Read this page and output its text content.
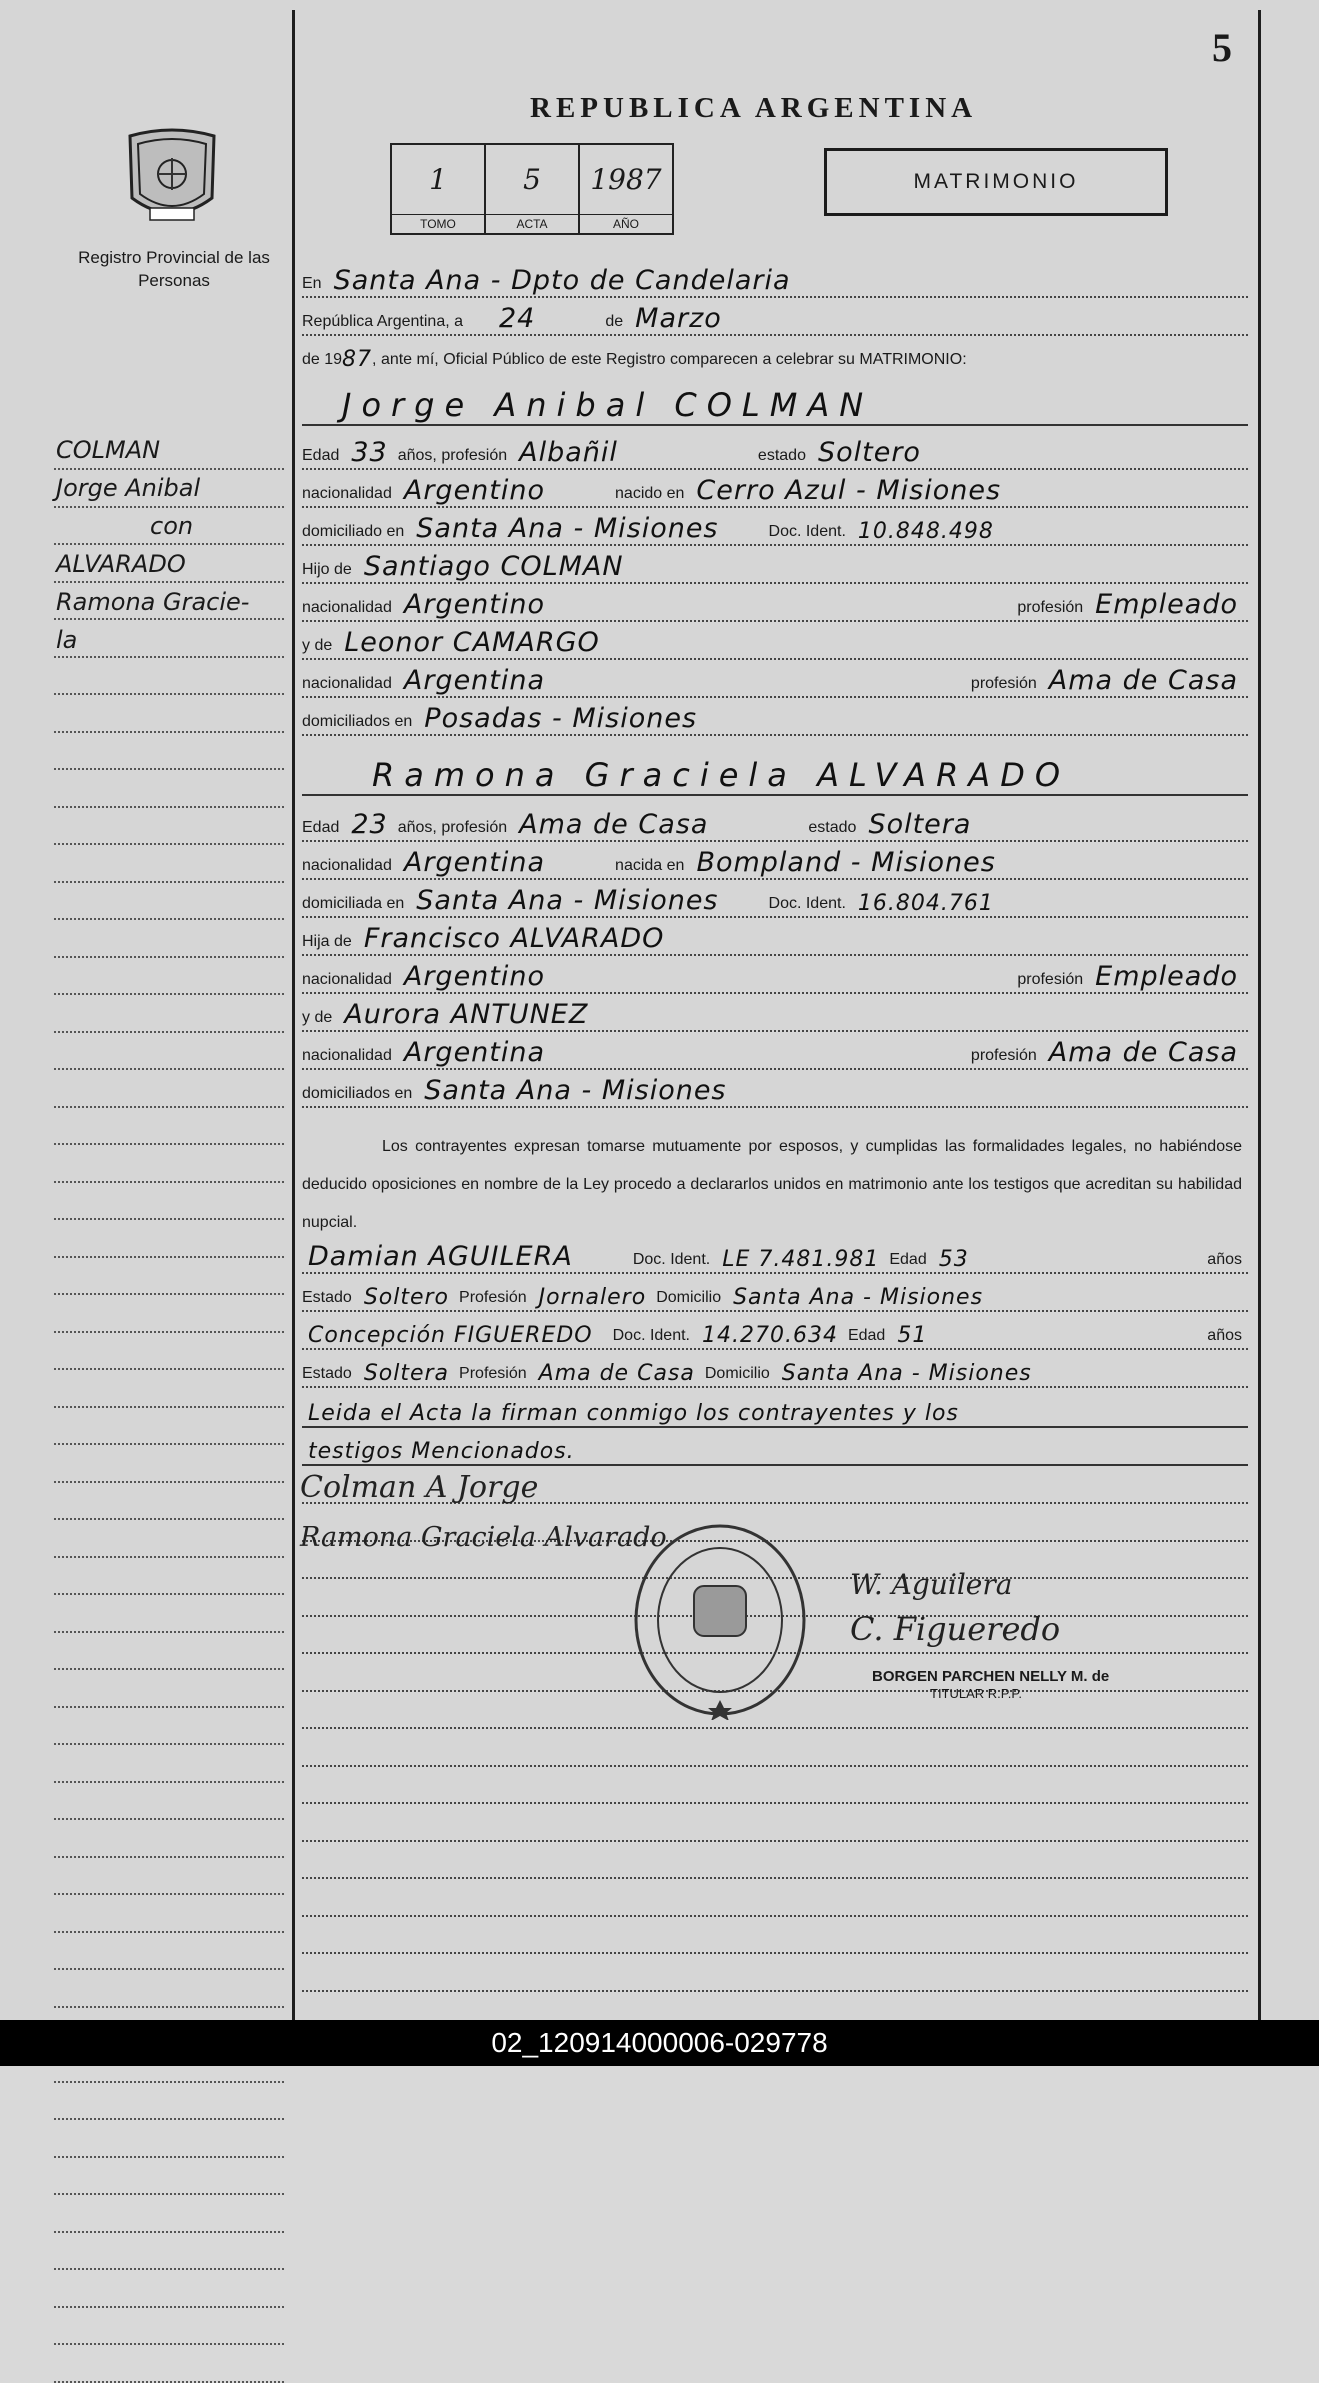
5
REPUBLICA ARGENTINA
Registro Provincial de las Personas
1
TOMO
5
ACTA
1987
AÑO
MATRIMONIO
COLMAN
Jorge Anibal
con
ALVARADO
Ramona Gracie-
la
En Santa Ana - Dpto de Candelaria
República Argentina, a	24	de Marzo
de 19 87 , ante mí, Oficial Público de este Registro comparecen a celebrar su MATRIMONIO:
Jorge Anibal COLMAN
Edad 33 años, profesión Albañil	estado Soltero
nacionalidad Argentino	nacido en Cerro Azul - Misiones
domiciliado en Santa Ana - Misiones	Doc. Ident. 10.848.498
Hijo de Santiago COLMAN
nacionalidad Argentino	profesión Empleado
y de Leonor CAMARGO
nacionalidad Argentina	profesión Ama de Casa
domiciliados en Posadas - Misiones
Ramona Graciela ALVARADO
Edad 23 años, profesión Ama de Casa	estado Soltera
nacionalidad Argentina	nacida en Bompland - Misiones
domiciliada en Santa Ana - Misiones	Doc. Ident. 16.804.761
Hija de Francisco ALVARADO
nacionalidad Argentino	profesión Empleado
y de Aurora ANTUNEZ
nacionalidad Argentina	profesión Ama de Casa
domiciliados en Santa Ana - Misiones
Los contrayentes expresan tomarse mutuamente por esposos, y cumplidas las formalidades legales, no habiéndose deducido oposiciones en nombre de la Ley procedo a declararlos unidos en matrimonio ante los testigos que acreditan su habilidad nupcial.
Damian AGUILERA	Doc. Ident. LE 7.481.981 Edad 53	años
Estado Soltero Profesión Jornalero Domicilio Santa Ana - Misiones
Concepción FIGUEREDO	Doc. Ident. 14.270.634 Edad 51	años
Estado Soltera Profesión Ama de Casa Domicilio Santa Ana - Misiones
Leida el Acta la firman conmigo los contrayentes y los
testigos Mencionados.
Colman A Jorge
Ramona Graciela Alvarado
W. Aguilera
C. Figueredo
BORGEN PARCHEN NELLY M. de
TITULAR R.P.P.
02_120914000006-029778
